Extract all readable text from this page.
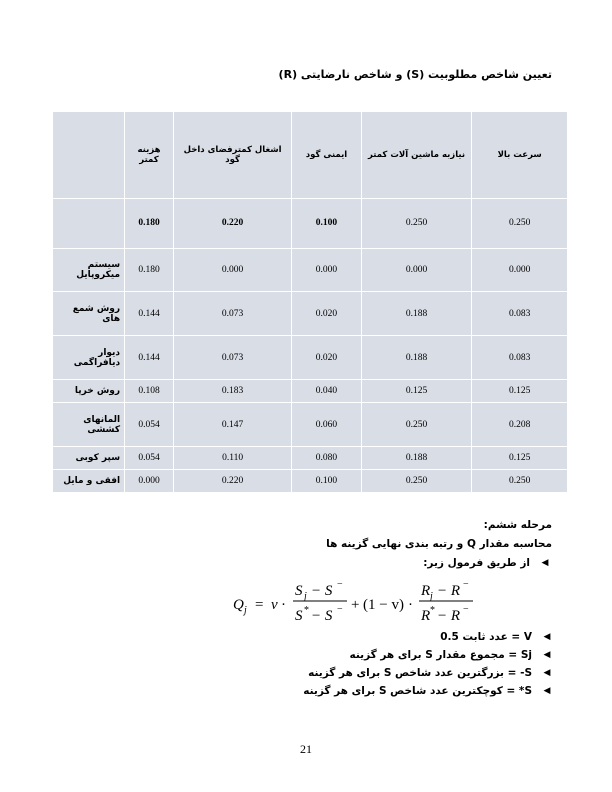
تعیین شاخص مطلوبیت (S) و شاخص نارضایتی (R)
سرعت بالا	نیازبه ماشین آلات کمتر	ایمنی گود	اشغال کمترفضای داخل گود	هزینه کمتر	
0.250	0.250	0.100	0.220	0.180	
0.000	0.000	0.000	0.000	0.180	سیستم میکروپایل
0.083	0.188	0.020	0.073	0.144	روش شمع های
0.083	0.188	0.020	0.073	0.144	دیوار دیافراگمی
0.125	0.125	0.040	0.183	0.108	روش خرپا
0.208	0.250	0.060	0.147	0.054	المانهای کششی
0.125	0.188	0.080	0.110	0.054	سپر کوبی
0.250	0.250	0.100	0.220	0.000	افقی و مایل
مرحله ششم:
محاسبه مقدار Q و رتبه بندی نهایی گزینه ها
◀
از طریق فرمول زیر:
Q j = v ·
S j − S −
S * − S − + (1 − v) ·
R j − R −
R * − R −
◀
V = عدد ثابت 0.5
◀
Sj = مجموع مقدار S برای هر گزینه
◀
S- = بزرگترین عدد شاخص S برای هر گزینه
◀
S* = کوچکترین عدد شاخص S برای هر گزینه
21
